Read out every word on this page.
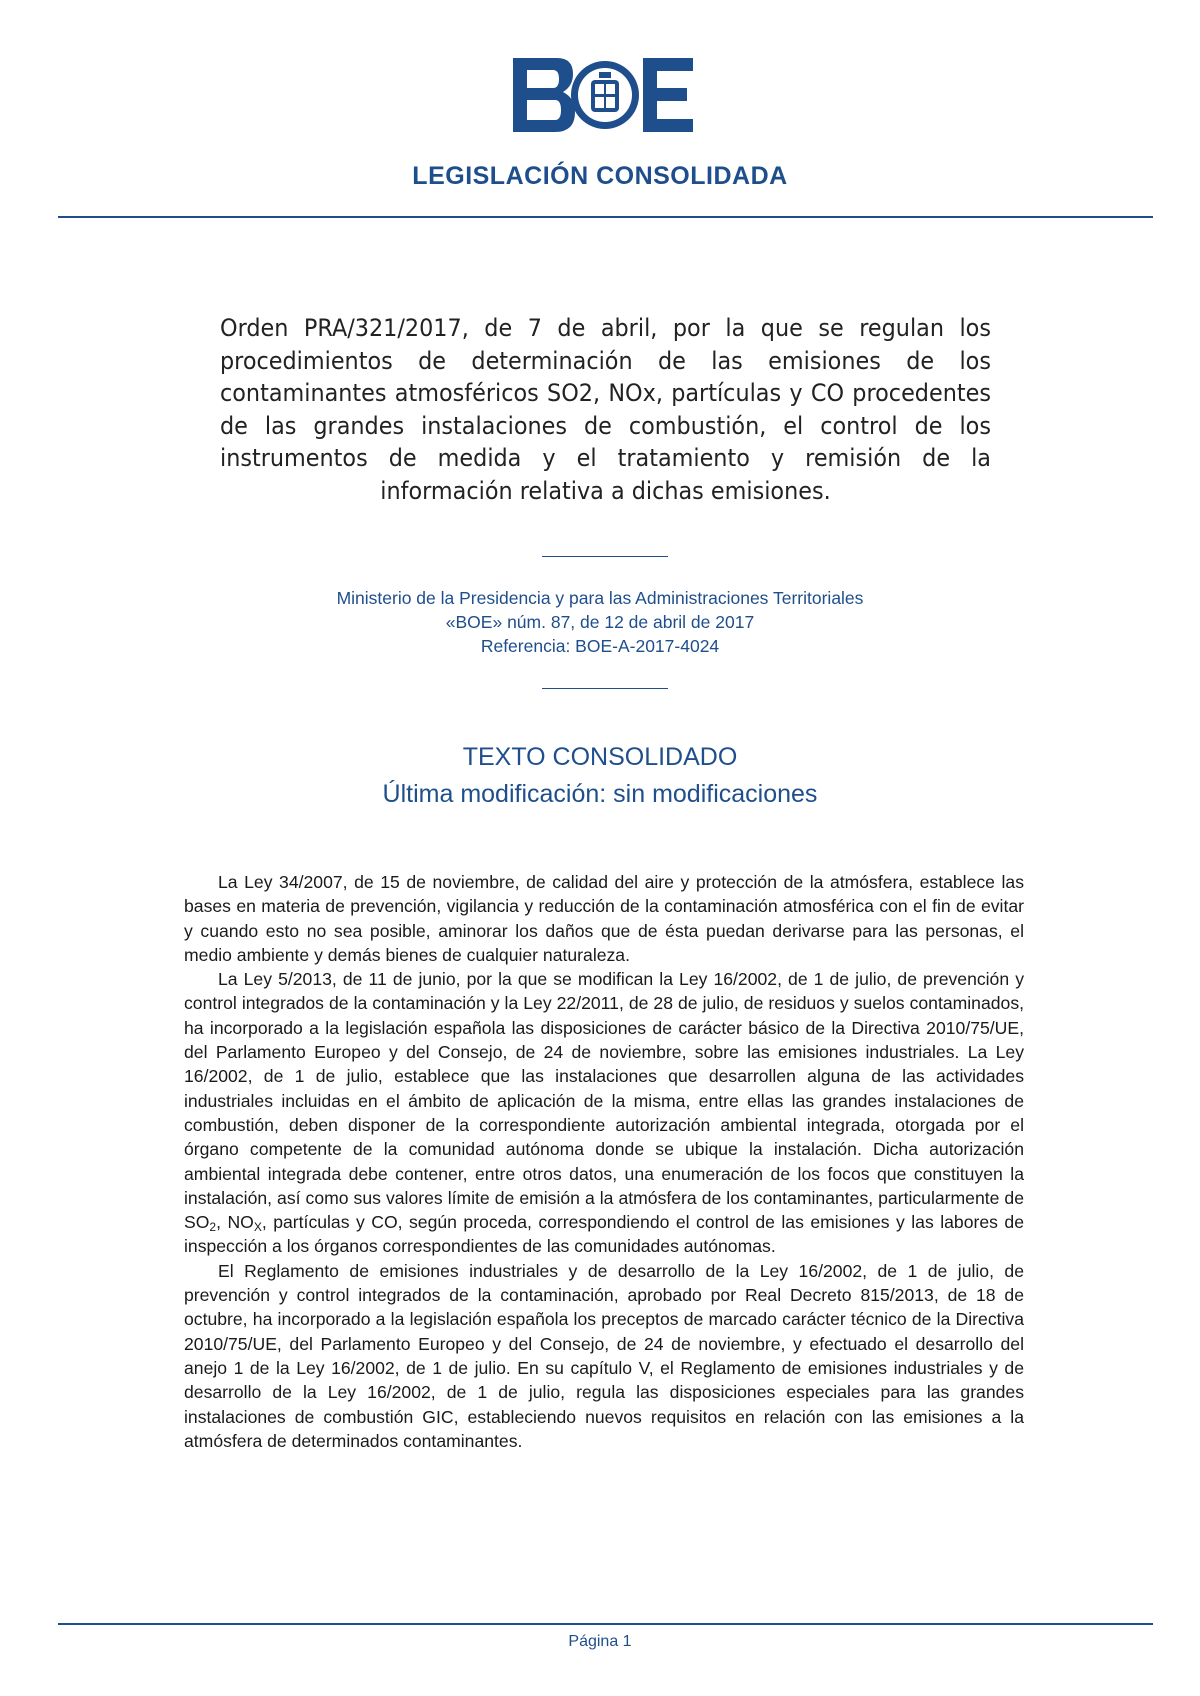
LEGISLACIÓN CONSOLIDADA
Orden PRA/321/2017, de 7 de abril, por la que se regulan los procedimientos de determinación de las emisiones de los contaminantes atmosféricos SO2, NOx, partículas y CO procedentes de las grandes instalaciones de combustión, el control de los instrumentos de medida y el tratamiento y remisión de la información relativa a dichas emisiones.
Ministerio de la Presidencia y para las Administraciones Territoriales
«BOE» núm. 87, de 12 de abril de 2017
Referencia: BOE-A-2017-4024
TEXTO CONSOLIDADO
Última modificación: sin modificaciones

La Ley 34/2007, de 15 de noviembre, de calidad del aire y protección de la atmósfera, establece las bases en materia de prevención, vigilancia y reducción de la contaminación atmosférica con el fin de evitar y cuando esto no sea posible, aminorar los daños que de ésta puedan derivarse para las personas, el medio ambiente y demás bienes de cualquier naturaleza.

La Ley 5/2013, de 11 de junio, por la que se modifican la Ley 16/2002, de 1 de julio, de prevención y control integrados de la contaminación y la Ley 22/2011, de 28 de julio, de residuos y suelos contaminados, ha incorporado a la legislación española las disposiciones de carácter básico de la Directiva 2010/75/UE, del Parlamento Europeo y del Consejo, de 24 de noviembre, sobre las emisiones industriales. La Ley 16/2002, de 1 de julio, establece que las instalaciones que desarrollen alguna de las actividades industriales incluidas en el ámbito de aplicación de la misma, entre ellas las grandes instalaciones de combustión, deben disponer de la correspondiente autorización ambiental integrada, otorgada por el órgano competente de la comunidad autónoma donde se ubique la instalación. Dicha autorización ambiental integrada debe contener, entre otros datos, una enumeración de los focos que constituyen la instalación, así como sus valores límite de emisión a la atmósfera de los contaminantes, particularmente de $SO_2$, $NO_X$, partículas y CO, según proceda, correspondiendo el control de las emisiones y las labores de inspección a los órganos correspondientes de las comunidades autónomas.

El Reglamento de emisiones industriales y de desarrollo de la Ley 16/2002, de 1 de julio, de prevención y control integrados de la contaminación, aprobado por Real Decreto 815/2013, de 18 de octubre, ha incorporado a la legislación española los preceptos de marcado carácter técnico de la Directiva 2010/75/UE, del Parlamento Europeo y del Consejo, de 24 de noviembre, y efectuado el desarrollo del anejo 1 de la Ley 16/2002, de 1 de julio. En su capítulo V, el Reglamento de emisiones industriales y de desarrollo de la Ley 16/2002, de 1 de julio, regula las disposiciones especiales para las grandes instalaciones de combustión GIC, estableciendo nuevos requisitos en relación con las emisiones a la atmósfera de determinados contaminantes.

Página 1
